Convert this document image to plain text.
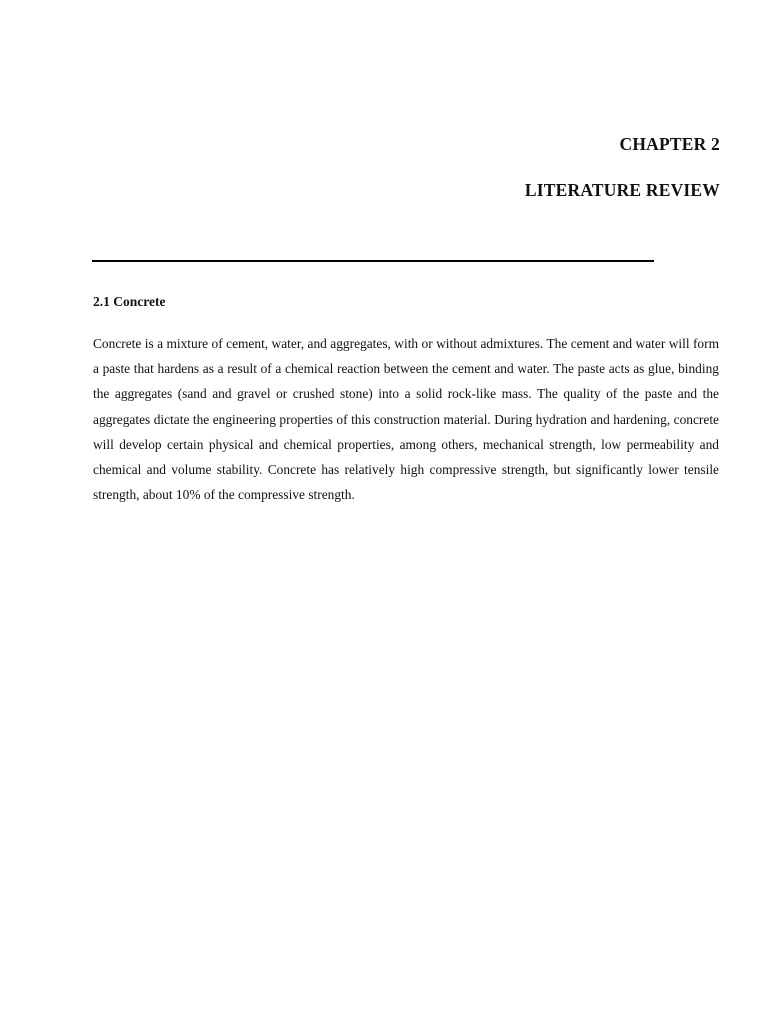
CHAPTER 2
LITERATURE REVIEW
2.1 Concrete

Concrete is a mixture of cement, water, and aggregates, with or without admixtures. The cement and water will form a paste that hardens as a result of a chemical reaction between the cement and water. The paste acts as glue, binding the aggregates (sand and gravel or crushed stone) into a solid rock-like mass. The quality of the paste and the aggregates dictate the engineering properties of this construction material. During hydration and hardening, concrete will develop certain physical and chemical properties, among others, mechanical strength, low permeability and chemical and volume stability. Concrete has relatively high compressive strength, but significantly lower tensile strength, about 10% of the compressive strength.
